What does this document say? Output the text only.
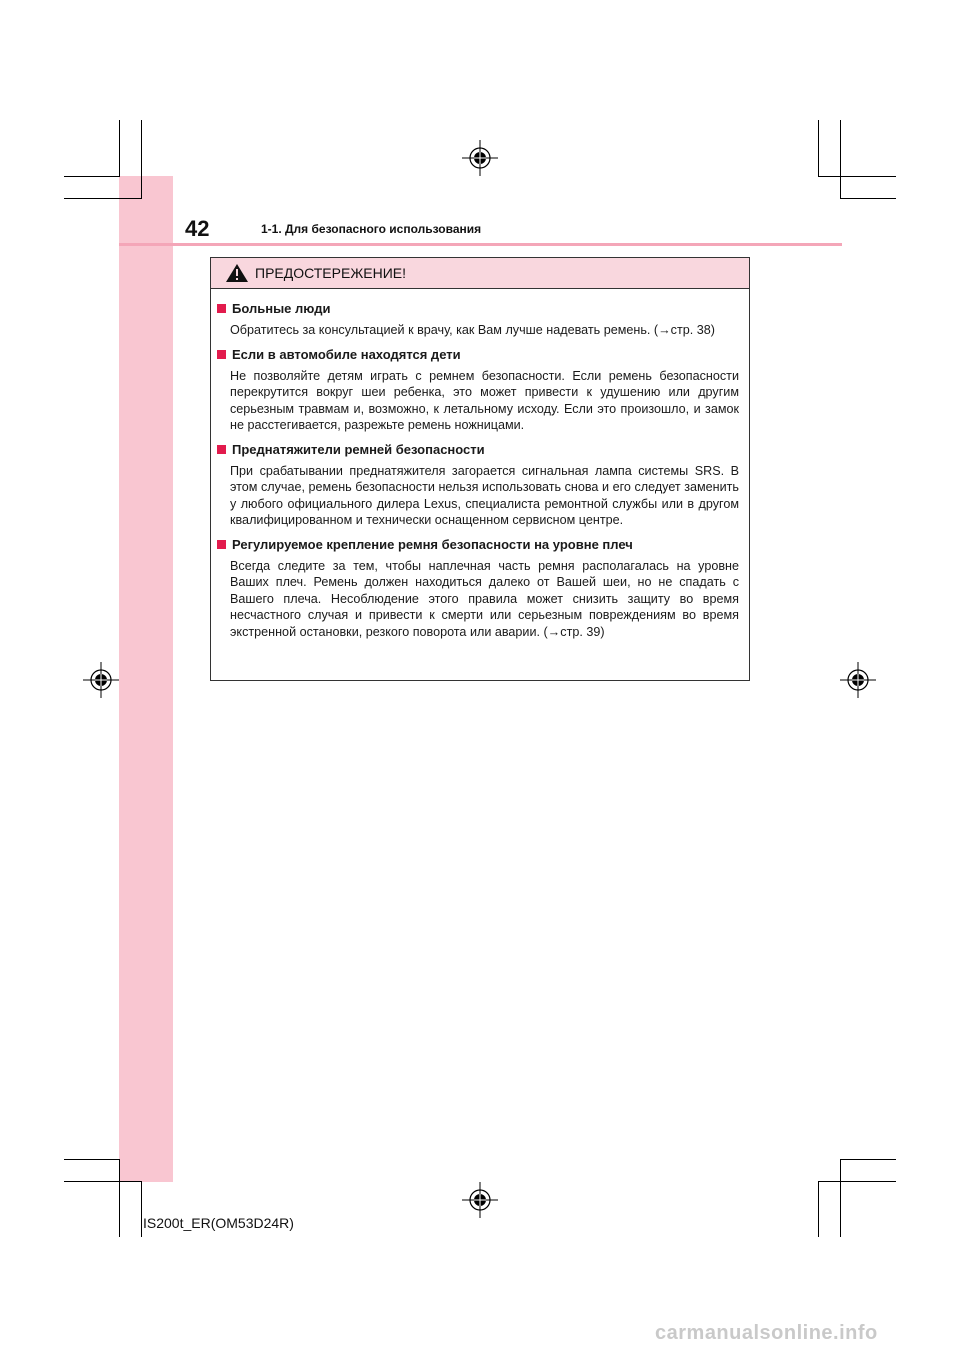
42	1-1. Для безопасного использования
ПРЕДОСТЕРЕЖЕНИЕ!
Больные люди
Обратитесь за консультацией к врачу, как Вам лучше надевать ремень. (→стр. 38)
Если в автомобиле находятся дети
Не позволяйте детям играть с ремнем безопасности. Если ремень безопасности перекрутится вокруг шеи ребенка, это может привести к удушению или другим серьезным травмам и, возможно, к летальному исходу. Если это произошло, и замок не расстегивается, разрежьте ремень ножницами.
Преднатяжители ремней безопасности
При срабатывании преднатяжителя загорается сигнальная лампа системы SRS. В этом случае, ремень безопасности нельзя использовать снова и его следует заменить у любого официального дилера Lexus, специалиста ремонтной службы или в другом квалифицированном и технически оснащенном сервисном центре.
Регулируемое крепление ремня безопасности на уровне плеч
Всегда следите за тем, чтобы наплечная часть ремня располагалась на уровне Ваших плеч. Ремень должен находиться далеко от Вашей шеи, но не спадать с Вашего плеча. Несоблюдение этого правила может снизить защиту во время несчастного случая и привести к смерти или серьезным повреждениям во время экстренной остановки, резкого поворота или аварии. (→стр. 39)
IS200t_ER(OM53D24R)
carmanualsonline.info
